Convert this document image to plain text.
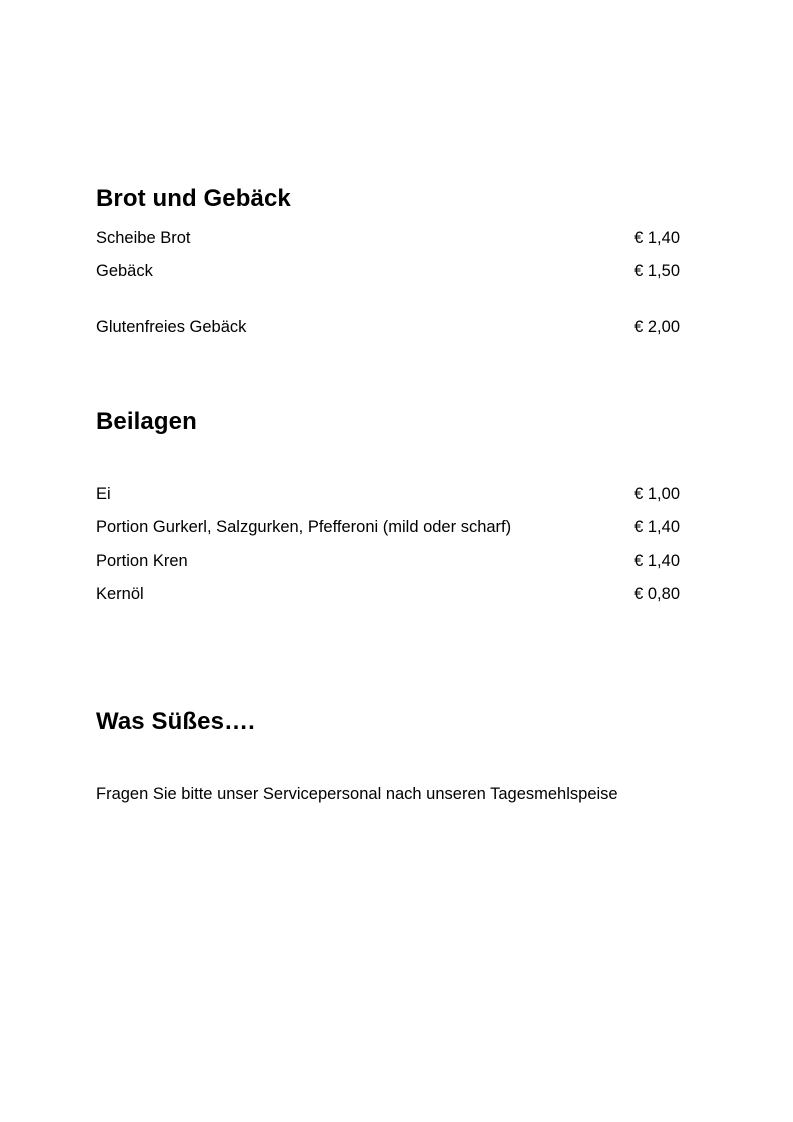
Brot und Gebäck
Scheibe Brot	€ 1,40
Gebäck	€ 1,50
Glutenfreies Gebäck	€ 2,00
Beilagen
Ei	€ 1,00
Portion Gurkerl, Salzgurken, Pfefferoni (mild oder scharf)	€ 1,40
Portion Kren	€ 1,40
Kernöl	€ 0,80
Was Süßes….
Fragen Sie bitte unser Servicepersonal nach unseren Tagesmehlspeise
